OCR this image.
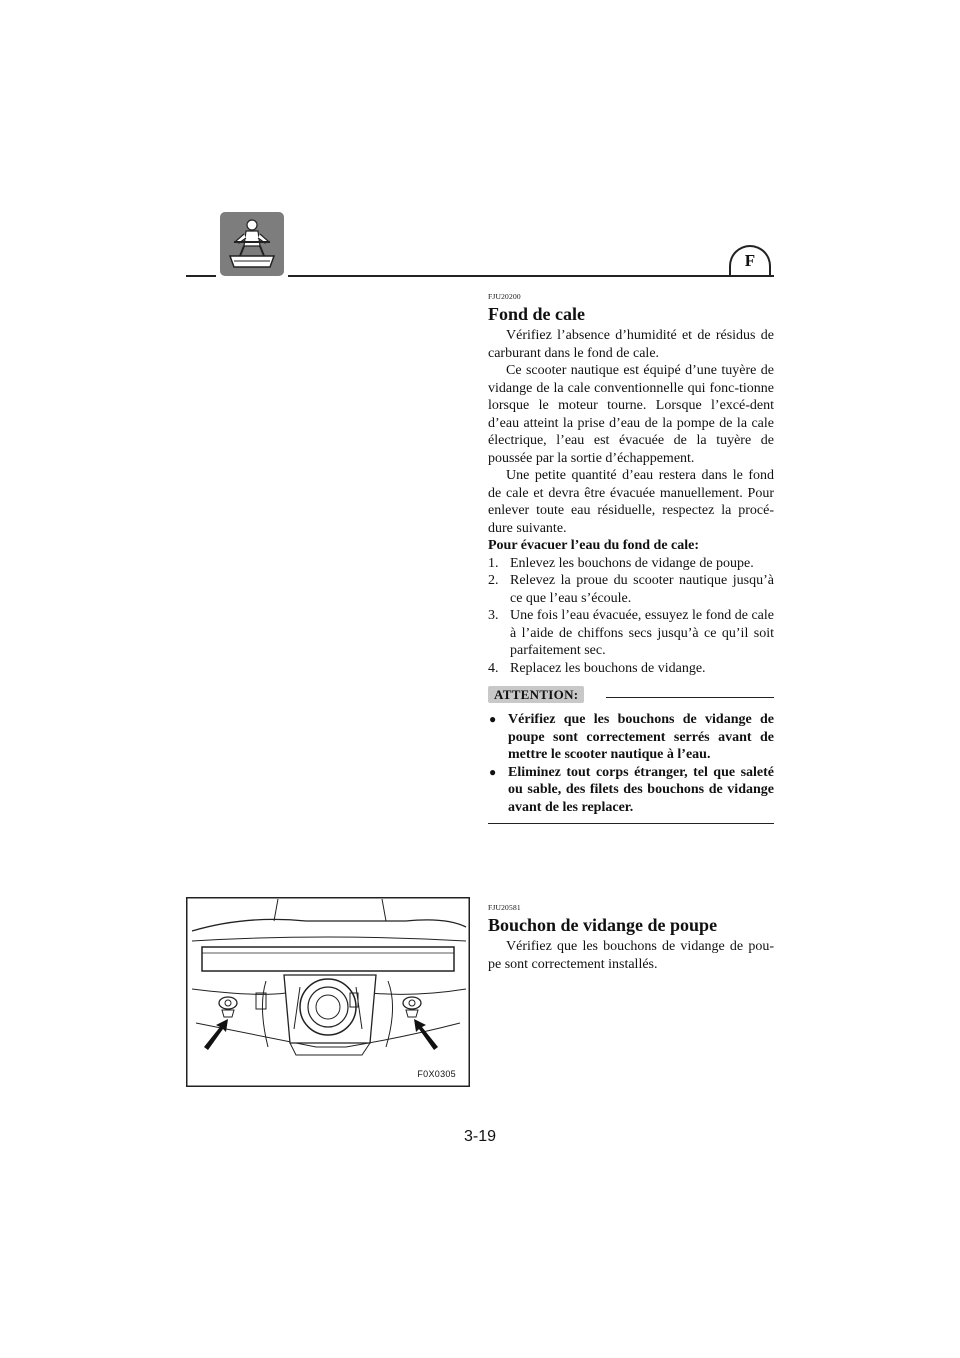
F
FJU20200
Fond de cale

Vérifiez l’absence d’humidité et de résidus de carburant dans le fond de cale.

Ce scooter nautique est équipé d’une tuyère de vidange de la cale conventionnelle qui fonc-tionne lorsque le moteur tourne. Lorsque l’excé-dent d’eau atteint la prise d’eau de la pompe de la cale électrique, l’eau est évacuée de la tuyère de poussée par la sortie d’échappement.

Une petite quantité d’eau restera dans le fond de cale et devra être évacuée manuellement. Pour enlever toute eau résiduelle, respectez la procé-dure suivante.

Pour évacuer l’eau du fond de cale:

1. Enlevez les bouchons de vidange de poupe.
2. Relevez la proue du scooter nautique jusqu’à ce que l’eau s’écoule.
3. Une fois l’eau évacuée, essuyez le fond de cale à l’aide de chiffons secs jusqu’à ce qu’il soit parfaitement sec.
4. Replacez les bouchons de vidange.
ATTENTION:
● Vérifiez que les bouchons de vidange de poupe sont correctement serrés avant de mettre le scooter nautique à l’eau.
● Eliminez tout corps étranger, tel que saleté ou sable, des filets des bouchons de vidange avant de les replacer.
FJU20581
Bouchon de vidange de poupe

Vérifiez que les bouchons de vidange de pou-pe sont correctement installés.

F0X0305
3-19
